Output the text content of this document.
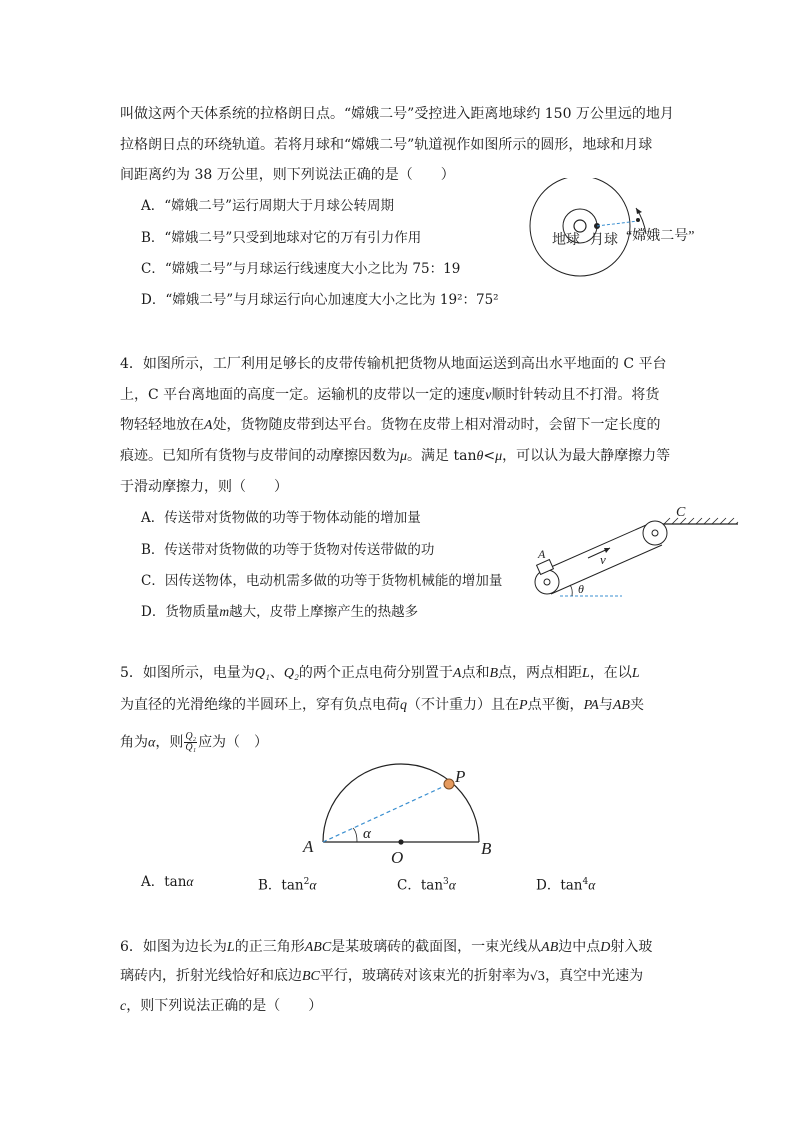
叫做这两个天体系统的拉格朗日点。“嫦娥二号”受控进入距离地球约 150 万公里远的地月
拉格朗日点的环绕轨道。若将月球和“嫦娥二号”轨道视作如图所示的圆形，地球和月球
间距离约为 38 万公里，则下列说法正确的是（　　）
A．“嫦娥二号”运行周期大于月球公转周期
B．“嫦娥二号”只受到地球对它的万有引力作用
C．“嫦娥二号”与月球运行线速度大小之比为 75：19
D．“嫦娥二号”与月球运行向心加速度大小之比为 19²：75²
地球 月球 “嫦娥二号”
4．如图所示，工厂利用足够长的皮带传输机把货物从地面运送到高出水平地面的 C 平台
上，C 平台离地面的高度一定。运输机的皮带以一定的速度v顺时针转动且不打滑。将货
物轻轻地放在A处，货物随皮带到达平台。货物在皮带上相对滑动时，会留下一定长度的
痕迹。已知所有货物与皮带间的动摩擦因数为μ。满足 tanθ<μ，可以认为最大静摩擦力等
于滑动摩擦力，则（　　）
A．传送带对货物做的功等于物体动能的增加量
B．传送带对货物做的功等于货物对传送带做的功
C．因传送物体，电动机需多做的功等于货物机械能的增加量
D．货物质量m越大，皮带上摩擦产生的热越多
C
A	v
θ
5．如图所示，电量为Q₁、Q₂的两个正点电荷分别置于A点和B点，两点相距L，在以L
为直径的光滑绝缘的半圆环上，穿有负点电荷q（不计重力）且在P点平衡，PA与AB夹
角为α，则 $\frac{\text{Q₂}}{\text{Q₁}}$ 应为（　）
A	B
O
P
α
A．tanα	B．$\tan^2\alpha$	C．$\tan^3\alpha$	D．$\tan^4\alpha$
6．如图为边长为L的正三角形ABC是某玻璃砖的截面图，一束光线从AB边中点D射入玻
璃砖内，折射光线恰好和底边BC平行，玻璃砖对该束光的折射率为√3，真空中光速为
c，则下列说法正确的是（　　）
